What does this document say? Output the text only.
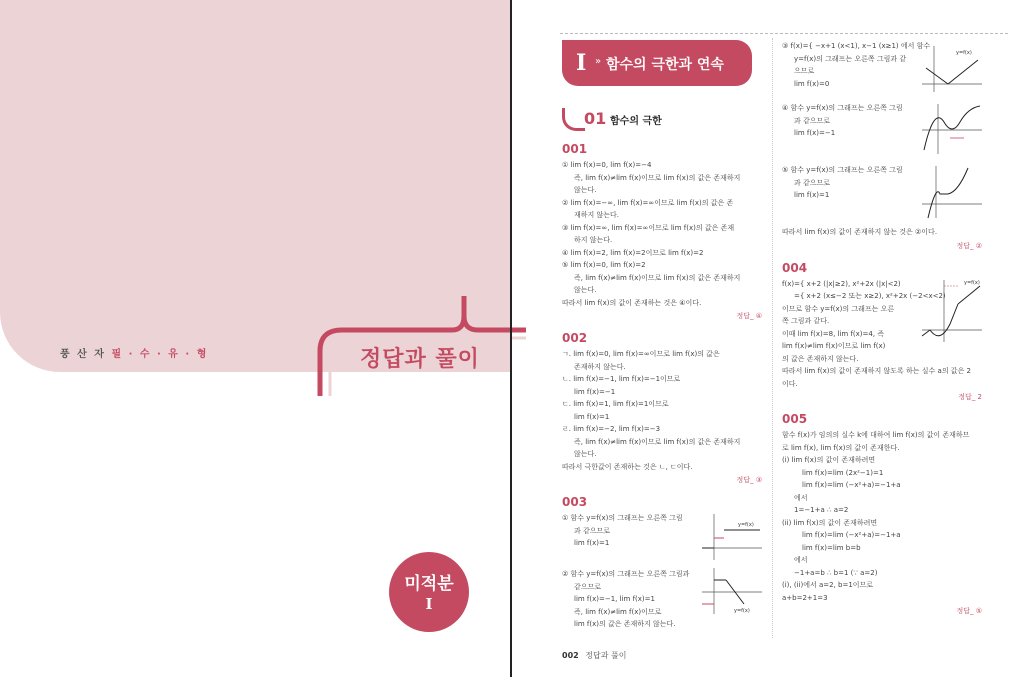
풍 산 자 필 · 수 · 유 · 형	정답과 풀이
미적분
I
I » 함수의 극한과 연속
01 함수의 극한
001
① lim f(x)=0, lim f(x)=−4
즉, lim f(x)≠lim f(x)이므로 lim f(x)의 값은 존재하지
않는다.
② lim f(x)=−∞, lim f(x)=∞이므로 lim f(x)의 값은 존
재하지 않는다.
③ lim f(x)=∞, lim f(x)=∞이므로 lim f(x)의 값은 존재
하지 않는다.
④ lim f(x)=2, lim f(x)=2이므로 lim f(x)=2
⑤ lim f(x)=0, lim f(x)=2
즉, lim f(x)≠lim f(x)이므로 lim f(x)의 값은 존재하지
않는다.
따라서 lim f(x)의 값이 존재하는 것은 ④이다.
정답_ ④
002
ㄱ. lim f(x)=0, lim f(x)=∞이므로 lim f(x)의 값은
존재하지 않는다.
ㄴ. lim f(x)=−1, lim f(x)=−1이므로
lim f(x)=−1
ㄷ. lim f(x)=1, lim f(x)=1이므로
lim f(x)=1
ㄹ. lim f(x)=−2, lim f(x)=−3
즉, lim f(x)≠lim f(x)이므로 lim f(x)의 값은 존재하지
않는다.
따라서 극한값이 존재하는 것은 ㄴ, ㄷ이다.
정답_ ③
003
① 함수 y=f(x)의 그래프는 오른쪽 그림
과 같으므로
lim f(x)=1
y=f(x)
② 함수 y=f(x)의 그래프는 오른쪽 그림과
같으므로
lim f(x)=−1, lim f(x)=1
즉, lim f(x)≠lim f(x)이므로
lim f(x)의 값은 존재하지 않는다.
y=f(x)
③ f(x)={ −x+1 (x<1), x−1 (x≥1) 에서 함수
y=f(x)의 그래프는 오른쪽 그림과 같
으므로
lim f(x)=0
y=f(x)
④ 함수 y=f(x)의 그래프는 오른쪽 그림
과 같으므로
lim f(x)=−1
⑤ 함수 y=f(x)의 그래프는 오른쪽 그림
과 같으므로
lim f(x)=1
따라서 lim f(x)의 값이 존재하지 않는 것은 ②이다.
정답_ ②
004
f(x)={ x+2 (|x|≥2), x²+2x (|x|<2)
={ x+2 (x≤−2 또는 x≥2), x²+2x (−2<x<2)
이므로 함수 y=f(x)의 그래프는 오른
쪽 그림과 같다.
이때 lim f(x)=8, lim f(x)=4, 즉
lim f(x)≠lim f(x)이므로 lim f(x)
의 값은 존재하지 않는다.
따라서 lim f(x)의 값이 존재하지 않도록 하는 실수 a의 값은 2
이다.
y=f(x)
정답_ 2
005
함수 f(x)가 임의의 실수 k에 대하여 lim f(x)의 값이 존재하므
로 lim f(x), lim f(x)의 값이 존재한다.
(i) lim f(x)의 값이 존재하려면
lim f(x)=lim (2x²−1)=1
lim f(x)=lim (−x²+a)=−1+a
에서
1=−1+a ∴ a=2
(ii) lim f(x)의 값이 존재하려면
lim f(x)=lim (−x²+a)=−1+a
lim f(x)=lim b=b
에서
−1+a=b ∴ b=1 (∵ a=2)
(i), (ii)에서 a=2, b=1이므로
a+b=2+1=3
정답_ ⑤
002 정답과 풀이
